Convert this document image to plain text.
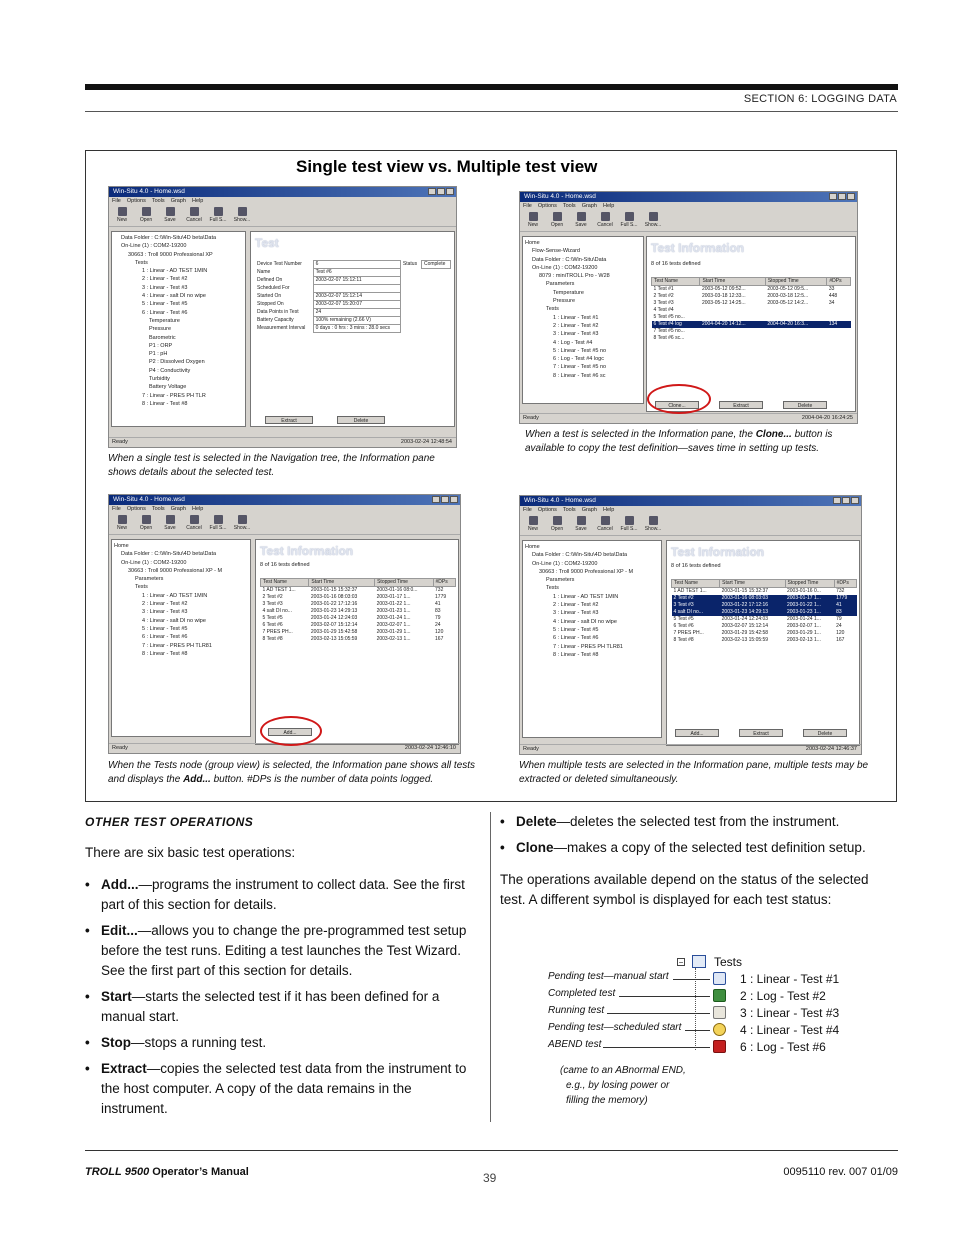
SECTION 6: LOGGING DATA
Single test view vs. Multiple test view
Win-Situ 4.0 - Home.wsd
File Options Tools Graph Help
New	Open Save Cancel Full S... Show...
Data Folder : C:\Win-Situ\4D beta\Data
On-Line (1) : COM2-19200
30663 : Troll 9000 Professional XP
Tests
1 : Linear - AD TEST 1MIN
2 : Linear - Test #2
3 : Linear - Test #3
4 : Linear - salt DI no wipe
5 : Linear - Test #5
6 : Linear - Test #6
Temperature
Pressure
Barometric
P1 : ORP
P1 : pH
P2 : Dissolved Oxygen
P4 : Conductivity
Turbidity
Battery Voltage
7 : Linear - PRES PH TLR
8 : Linear - Test #8
Test
Device Test Number	6	Status	Complete
Name	Test #6		
Defined On	2003-02-07 15:12:11		
Scheduled For			
Started On	2003-02-07 15:12:14		
Stopped On	2003-02-07 15:20:07		
Data Points in Test	24		
Battery Capacity	100% remaining (2.66 V)		
Measurement Interval	0 days : 0 hrs : 3 mins : 28.0 secs		
Extract	Delete
Ready	2003-02-24 12:48:54
When a single test is selected in the Navigation tree, the Information pane shows details about the selected test.
Win-Situ 4.0 - Home.wsd
File Options Tools Graph Help
New	Open Save Cancel Full S... Show...
Home
Flow-Sense-Wizard
Data Folder : C:\Win-Situ\Data
On-Line (1) : COM2-19200
8079 : miniTROLL Pro - W28
Parameters
Temperature
Pressure
Tests
1 : Linear - Test #1
2 : Linear - Test #2
3 : Linear - Test #3
4 : Log - Test #4
5 : Linear - Test #5 no
6 : Log - Test #4 logc
7 : Linear - Test #5 no
8 : Linear - Test #6 sc
Test Information
8 of 16 tests defined
Test Name	Start Time	Stopped Time	#DPs
1 Test #1	2003-05-12 09:52...	2003-05-12 09:5...	33
2 Test #2	2003-03-18 12:33...	2003-03-18 12:5...	448
3 Test #3	2003-05-12 14:25...	2003-05-12 14:2...	34
4 Test #4			
5 Test #5 no...			
6 Test #4 log	2004-04-20 14:12...	2004-04-20 16:3...	134
7 Test #5 no...			
8 Test #6 sc...			
Clone...	Extract	Delete
Ready	2004-04-20 16:24:25
When a test is selected in the Information pane, the Clone... button is available to copy the test definition—saves time in setting up tests.
Win-Situ 4.0 - Home.wsd
File Options Tools Graph Help
New	Open Save Cancel Full S... Show...
Home
Data Folder : C:\Win-Situ\4D beta\Data
On-Line (1) : COM2-19200
30663 : Troll 9000 Professional XP - M
Parameters
Tests
1 : Linear - AD TEST 1MIN
2 : Linear - Test #2
3 : Linear - Test #3
4 : Linear - salt DI no wipe
5 : Linear - Test #5
6 : Linear - Test #6
7 : Linear - PRES PH TLR81
8 : Linear - Test #8
Test Information
8 of 16 tests defined
Test Name	Start Time	Stopped Time	#DPs
1 AD TEST 1...	2003-01-15 15:32:37	2003-01-16 08:0...	732
2 Test #2	2003-01-16 08:03:03	2003-01-17 1...	1779
3 Test #3	2003-01-22 17:12:16	2003-01-22 1...	41
4 salt DI no...	2003-01-23 14:29:13	2003-01-23 1...	83
5 Test #5	2003-01-24 12:24:03	2003-01-24 1...	79
6 Test #6	2003-02-07 15:12:14	2003-02-07 1...	24
7 PRES PH...	2003-01-29 15:42:58	2003-01-29 1...	120
8 Test #8	2003-02-13 15:05:59	2003-02-13 1...	167
Add...
Ready	2003-02-24 12:46:10
When the Tests node (group view) is selected, the Information pane shows all tests and displays the Add... button. #DPs is the number of data points logged.
Win-Situ 4.0 - Home.wsd
File Options Tools Graph Help
New	Open Save Cancel Full S... Show...
Home
Data Folder : C:\Win-Situ\4D beta\Data
On-Line (1) : COM2-19200
30663 : Troll 9000 Professional XP - M
Parameters
Tests
1 : Linear - AD TEST 1MIN
2 : Linear - Test #2
3 : Linear - Test #3
4 : Linear - salt DI no wipe
5 : Linear - Test #5
6 : Linear - Test #6
7 : Linear - PRES PH TLR81
8 : Linear - Test #8
Test Information
8 of 16 tests defined
Test Name	Start Time	Stopped Time	#DPs
1 AD TEST 1...	2003-01-15 15:32:37	2003-01-16 0...	732
2 Test #2	2003-01-16 08:03:03	2003-01-17 1...	1779
3 Test #3	2003-01-22 17:12:16	2003-01-22 1...	41
4 salt DI no...	2003-01-23 14:29:13	2003-01-23 1...	83
5 Test #5	2003-01-24 12:24:03	2003-01-24 1...	79
6 Test #6	2003-02-07 15:12:14	2003-02-07 1...	24
7 PRES PH...	2003-01-29 15:42:58	2003-01-29 1...	120
8 Test #8	2003-02-13 15:05:59	2003-02-13 1...	167
Add...	Extract	Delete
Ready	2003-02-24 12:46:37
When multiple tests are selected in the Information pane, multiple tests may be extracted or deleted simultaneously.
OTHER TEST OPERATIONS
There are six basic test operations:
• Add...—programs the instrument to collect data. See the first part of this section for details.
• Edit...—allows you to change the pre-programmed test setup before the test runs. Editing a test launches the Test Wizard. See the first part of this section for details.
• Start—starts the selected test if it has been defined for a manual start.
• Stop—stops a running test.
• Extract—copies the selected test data from the instrument to the host computer. A copy of the data remains in the instrument.
• Delete—deletes the selected test from the instrument.
• Clone—makes a copy of the selected test definition setup.
The operations available depend on the status of the selected test. A different symbol is displayed for each test status:
−	Tests
(came to an ABnormal END,
e.g., by losing power or
filling the memory)
Pending test—manual start	1 : Linear - Test #1
Completed test	2 : Log - Test #2
Running test	3 : Linear - Test #3
Pending test—scheduled start	4 : Linear - Test #4
ABEND test	6 : Log - Test #6
TROLL 9500 Operator’s Manual	39	0095110 rev. 007 01/09
